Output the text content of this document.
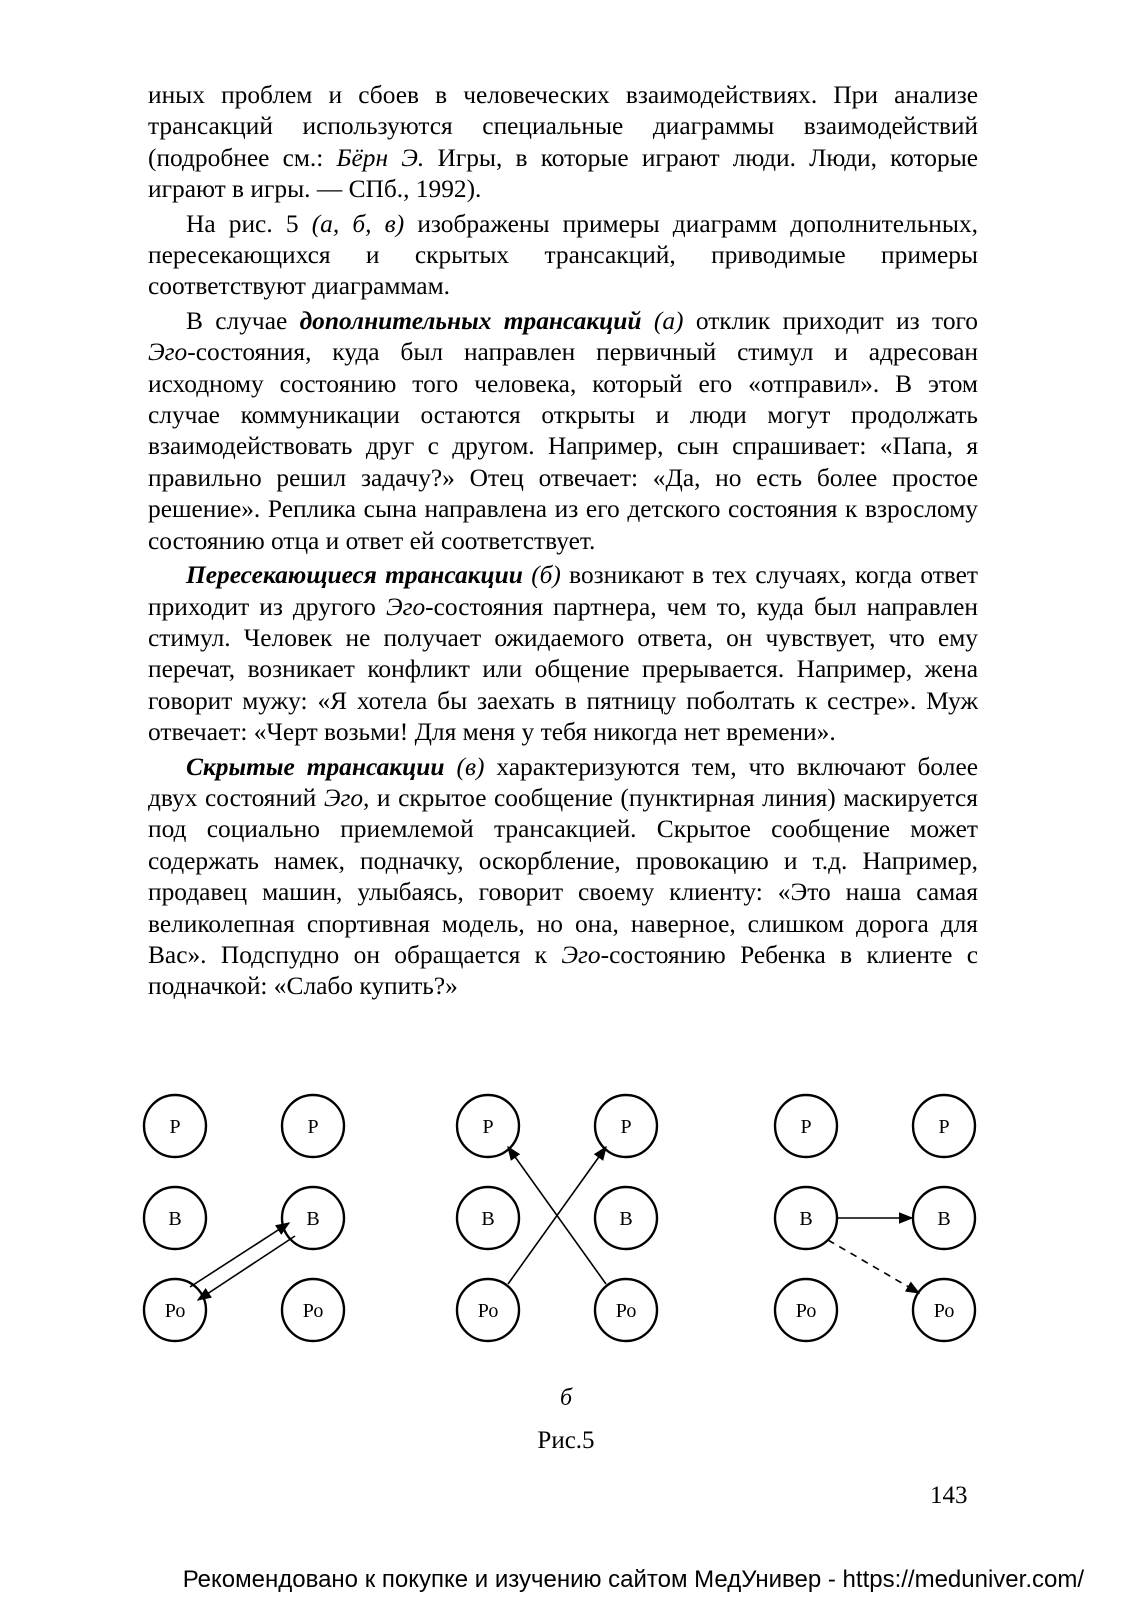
иных проблем и сбоев в человеческих взаимодействиях. При анализе трансакций используются специальные диаграммы взаимодействий (подробнее см.: Бёрн Э. Игры, в которые играют люди. Люди, которые играют в игры. — СПб., 1992).

На рис. 5 (а, б, в) изображены примеры диаграмм дополнительных, пересекающихся и скрытых трансакций, приводимые примеры соответствуют диаграммам.

В случае дополнительных трансакций (а) отклик приходит из того Эго-состояния, куда был направлен первичный стимул и адресован исходному состоянию того человека, который его «отправил». В этом случае коммуникации остаются открыты и люди могут продолжать взаимодействовать друг с другом. Например, сын спрашивает: «Папа, я правильно решил задачу?» Отец отвечает: «Да, но есть более простое решение». Реплика сына направлена из его детского состояния к взрослому состоянию отца и ответ ей соответствует.

Пересекающиеся трансакции (б) возникают в тех случаях, когда ответ приходит из другого Эго-состояния партнера, чем то, куда был направлен стимул. Человек не получает ожидаемого ответа, он чувствует, что ему перечат, возникает конфликт или общение прерывается. Например, жена говорит мужу: «Я хотела бы заехать в пятницу поболтать к сестре». Муж отвечает: «Черт возьми! Для меня у тебя никогда нет времени».

Скрытые трансакции (в) характеризуются тем, что включают более двух состояний Эго, и скрытое сообщение (пунктирная линия) маскируется под социально приемлемой трансакцией. Скрытое сообщение может содержать намек, подначку, оскорбление, провокацию и т.д. Например, продавец машин, улыбаясь, говорит своему клиенту: «Это наша самая великолепная спортивная модель, но она, наверное, слишком дорога для Вас». Подспудно он обращается к Эго-состоянию Ребенка в клиенте с подначкой: «Слабо купить?»

Р	Р
В	В
Ро	Ро
Р	Р
В	В
Ро	Ро
Р	Р
В	В
Ро	Ро
б
Рис.5
143
Рекомендовано к покупке и изучению сайтом МедУнивер - https://meduniver.com/
